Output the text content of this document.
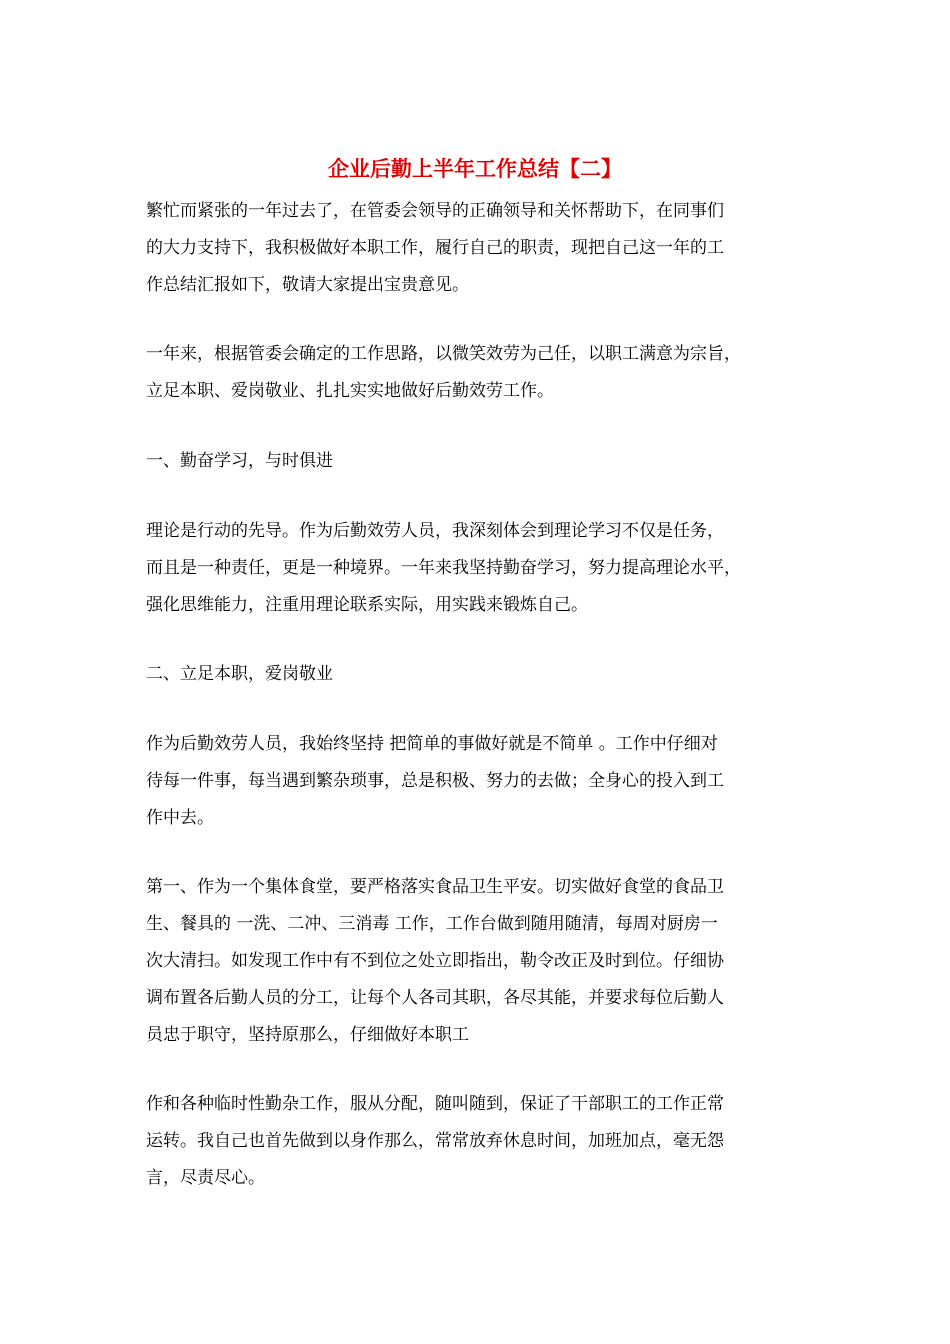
企业后勤上半年工作总结【二】
繁忙而紧张的一年过去了，在管委会领导的正确领导和关怀帮助下，在同事们
的大力支持下，我积极做好本职工作，履行自己的职责，现把自己这一年的工
作总结汇报如下，敬请大家提出宝贵意见。
一年来，根据管委会确定的工作思路，以微笑效劳为己任，以职工满意为宗旨，
立足本职、爱岗敬业、扎扎实实地做好后勤效劳工作。
一、勤奋学习，与时俱进
理论是行动的先导。作为后勤效劳人员，我深刻体会到理论学习不仅是任务，
而且是一种责任，更是一种境界。一年来我坚持勤奋学习，努力提高理论水平，
强化思维能力，注重用理论联系实际，用实践来锻炼自己。
二、立足本职，爱岗敬业
作为后勤效劳人员，我始终坚持 把简单的事做好就是不简单 。工作中仔细对
待每一件事，每当遇到繁杂琐事，总是积极、努力的去做；全身心的投入到工
作中去。
第一、作为一个集体食堂，要严格落实食品卫生平安。切实做好食堂的食品卫
生、餐具的 一洗、二冲、三消毒 工作，工作台做到随用随清，每周对厨房一
次大清扫。如发现工作中有不到位之处立即指出，勒令改正及时到位。仔细协
调布置各后勤人员的分工，让每个人各司其职，各尽其能，并要求每位后勤人
员忠于职守，坚持原那么，仔细做好本职工
作和各种临时性勤杂工作，服从分配，随叫随到，保证了干部职工的工作正常
运转。我自己也首先做到以身作那么，常常放弃休息时间，加班加点，毫无怨
言，尽责尽心。
